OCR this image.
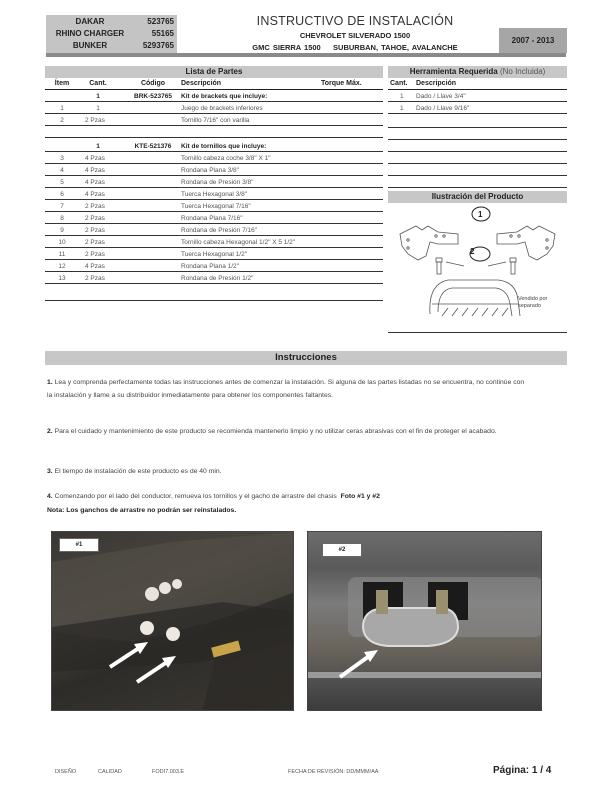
DAKAR	523765
RHINO CHARGER	55165
BUNKER	5293765
INSTRUCTIVO DE INSTALACIÓN
CHEVROLET SILVERADO 1500
GMC SIERRA 1500    SUBURBAN, TAHOE, AVALANCHE
2007 - 2013
Lista de Partes
Ítem	Cant.	Código	Descripción	Torque Máx.
1	BRK-523765	Kit de brackets que incluye:
1	1	Juego de brackets inferiores
2	2 Pzas	Tornillo 7/16" con varilla
1	KTE-521376	Kit de tornillos que incluye:
3	4 Pzas	Tornillo cabeza coche 3/8" X 1"
4	4 Pzas	Rondana Plana 3/8"
5	4 Pzas	Rondana de Presión 3/8"
6	4 Pzas	Tuerca Hexagonal 3/8"
7	2 Pzas	Tuerca Hexagonal 7/16"
8	2 Pzas	Rondana Plana 7/16"
9	2 Pzas	Rondana de Presión 7/16"
10	2 Pzas	Tornillo cabeza Hexagonal 1/2" X 5 1/2"
11	2 Pzas	Tuerca Hexagonal 1/2"
12	4 Pzas	Rondana Plana 1/2"
13	2 Pzas	Rondana de Presión 1/2"
Herramienta Requerida (No Incluida)
Cant. Descripción
1 Dado / Llave 3/4"
1 Dado / Llave 9/16"
Ilustración del Producto
1
2
Vendido por
separado
Instrucciones
1. Lea y comprenda perfectamente todas las instrucciones antes de comenzar la instalación. Si alguna de las partes listadas no se encuentra, no continúe con la instalación y llame a su distribuidor inmediatamente para obtener los componentes faltantes.
2. Para el cuidado y mantenimiento de este producto se recomienda mantenerlo limpio y no utilizar ceras abrasivas con el fin de proteger el acabado.
3. El tiempo de instalación de este producto es de 40 min.
4. Comenzando por el lado del conductor, remueva los tornillos y el gacho de arrastre del chasis Foto #1 y #2
Nota: Los ganchos de arrastre no podrán ser reinstalados.
#1
#2
DISEÑO	CALIDAD	FODI7.003.E	FECHA DE REVISIÓN: DD/MMM/AA	Página: 1 / 4
